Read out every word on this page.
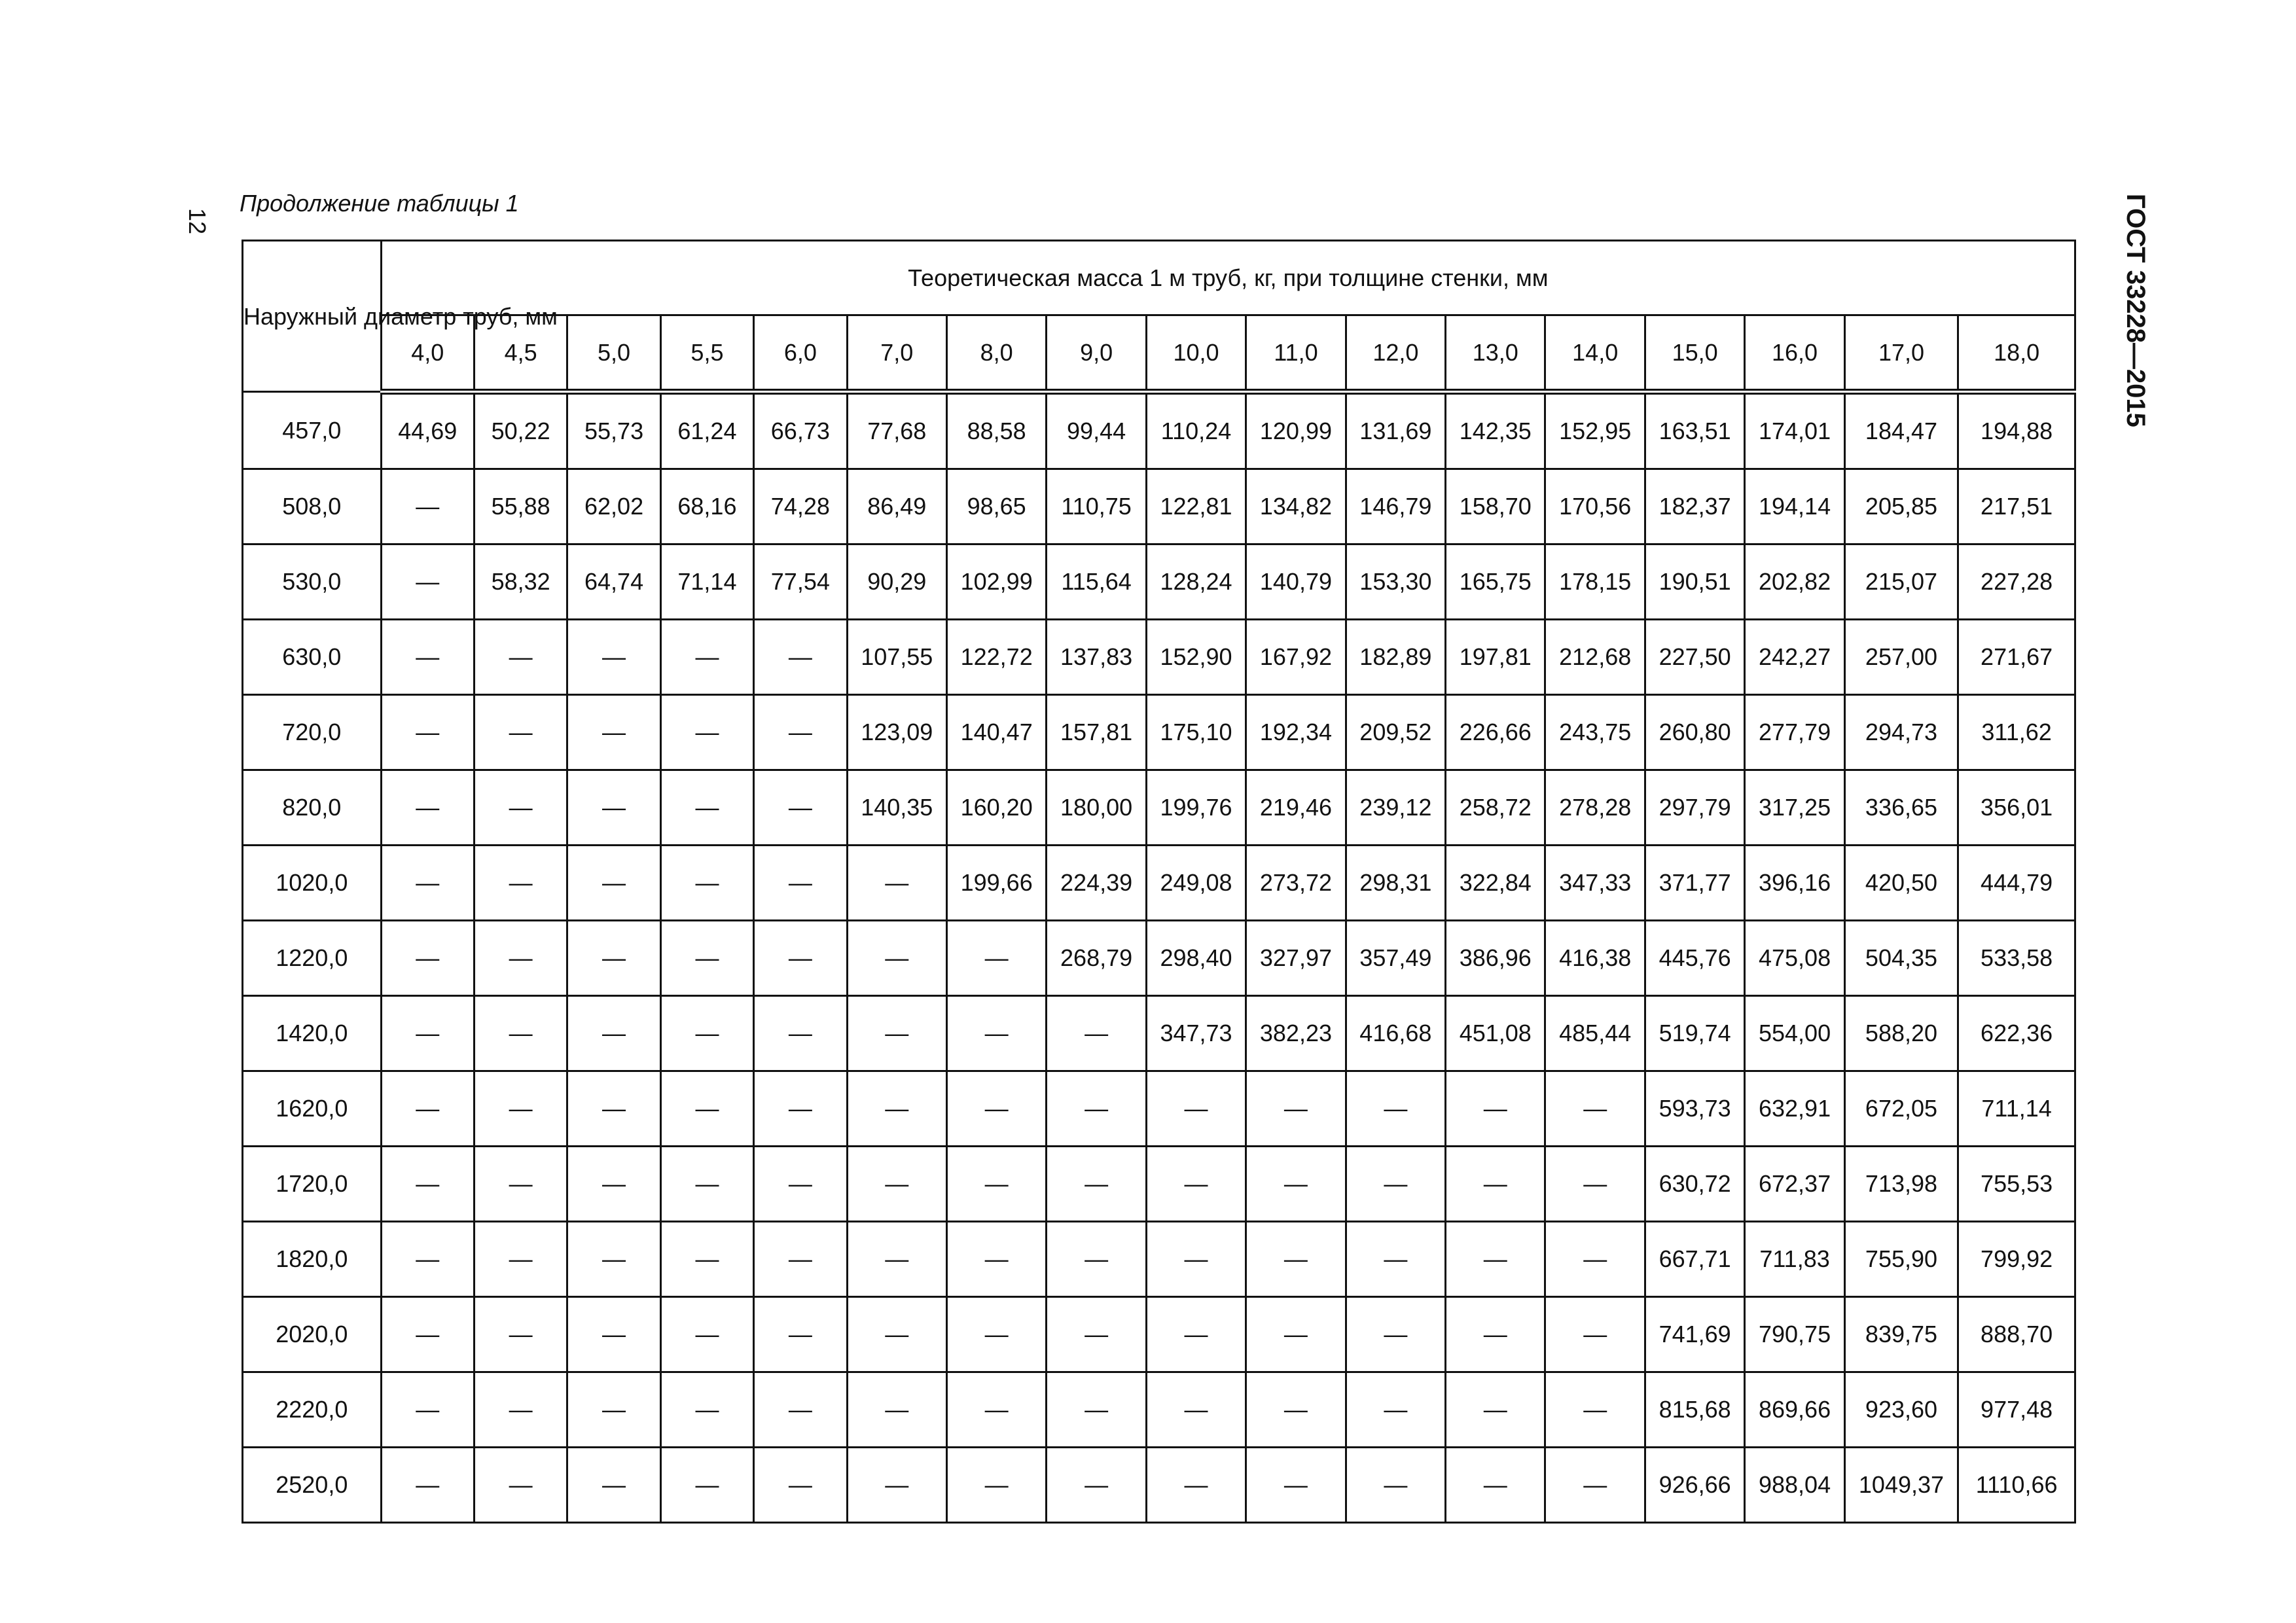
12	ГОСТ 33228—2015
Продолжение таблицы 1
Наружный диаметр труб, мм	Теоретическая масса 1 м труб, кг, при толщине стенки, мм																
	4,0	4,5	5,0	5,5	6,0	7,0	8,0	9,0	10,0	11,0	12,0	13,0	14,0	15,0	16,0	17,0	18,0
457,0	44,69	50,22	55,73	61,24	66,73	77,68	88,58	99,44	110,24	120,99	131,69	142,35	152,95	163,51	174,01	184,47	194,88
508,0	—	55,88	62,02	68,16	74,28	86,49	98,65	110,75	122,81	134,82	146,79	158,70	170,56	182,37	194,14	205,85	217,51
530,0	—	58,32	64,74	71,14	77,54	90,29	102,99	115,64	128,24	140,79	153,30	165,75	178,15	190,51	202,82	215,07	227,28
630,0	—	—	—	—	—	107,55	122,72	137,83	152,90	167,92	182,89	197,81	212,68	227,50	242,27	257,00	271,67
720,0	—	—	—	—	—	123,09	140,47	157,81	175,10	192,34	209,52	226,66	243,75	260,80	277,79	294,73	311,62
820,0	—	—	—	—	—	140,35	160,20	180,00	199,76	219,46	239,12	258,72	278,28	297,79	317,25	336,65	356,01
1020,0	—	—	—	—	—	—	199,66	224,39	249,08	273,72	298,31	322,84	347,33	371,77	396,16	420,50	444,79
1220,0	—	—	—	—	—	—	—	268,79	298,40	327,97	357,49	386,96	416,38	445,76	475,08	504,35	533,58
1420,0	—	—	—	—	—	—	—	—	347,73	382,23	416,68	451,08	485,44	519,74	554,00	588,20	622,36
1620,0	—	—	—	—	—	—	—	—	—	—	—	—	—	593,73	632,91	672,05	711,14
1720,0	—	—	—	—	—	—	—	—	—	—	—	—	—	630,72	672,37	713,98	755,53
1820,0	—	—	—	—	—	—	—	—	—	—	—	—	—	667,71	711,83	755,90	799,92
2020,0	—	—	—	—	—	—	—	—	—	—	—	—	—	741,69	790,75	839,75	888,70
2220,0	—	—	—	—	—	—	—	—	—	—	—	—	—	815,68	869,66	923,60	977,48
2520,0	—	—	—	—	—	—	—	—	—	—	—	—	—	926,66	988,04	1049,37	1110,66
